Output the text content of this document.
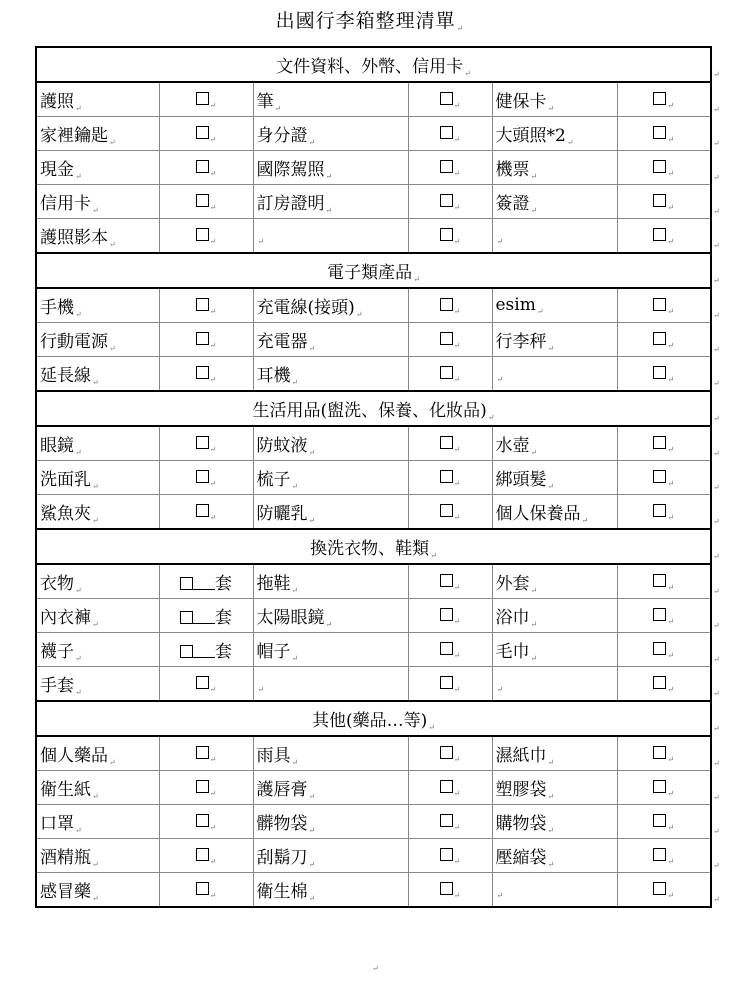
出國行李箱整理清單$_↵$
文件資料、外幣、信用卡$_↵$
護照$_↵$	$_↵$	筆$_↵$	$_↵$	健保卡$_↵$	$_↵$
家裡鑰匙$_↵$	$_↵$	身分證$_↵$	$_↵$	大頭照$*2_↵$	$_↵$
現金$_↵$	$_↵$	國際駕照$_↵$	$_↵$	機票$_↵$	$_↵$
信用卡$_↵$	$_↵$	訂房證明$_↵$	$_↵$	簽證$_↵$	$_↵$
護照影本$_↵$	$_↵$	$_↵$	$_↵$	$_↵$	$_↵$
電子類產品$_↵$
手機$_↵$	$_↵$	充電線(接頭)$_↵$	$_↵$	esim$_↵$	$_↵$
行動電源$_↵$	$_↵$	充電器$_↵$	$_↵$	行李秤$_↵$	$_↵$
延長線$_↵$	$_↵$	耳機$_↵$	$_↵$	$_↵$	$_↵$
生活用品(盥洗、保養、化妝品)$_↵$
眼鏡$_↵$	$_↵$	防蚊液$_↵$	$_↵$	水壺$_↵$	$_↵$
洗面乳$_↵$	$_↵$	梳子$_↵$	$_↵$	綁頭髮$_↵$	$_↵$
鯊魚夾$_↵$	$_↵$	防曬乳$_↵$	$_↵$	個人保養品$_↵$	$_↵$
換洗衣物、鞋類$_↵$
衣物$_↵$	套	拖鞋$_↵$	$_↵$	外套$_↵$	$_↵$
內衣褲$_↵$	套	太陽眼鏡$_↵$	$_↵$	浴巾$_↵$	$_↵$
襪子$_↵$	套	帽子$_↵$	$_↵$	毛巾$_↵$	$_↵$
手套$_↵$	$_↵$	$_↵$	$_↵$	$_↵$	$_↵$
其他(藥品…等)$_↵$
個人藥品$_↵$	$_↵$	雨具$_↵$	$_↵$	濕紙巾$_↵$	$_↵$
衛生紙$_↵$	$_↵$	護唇膏$_↵$	$_↵$	塑膠袋$_↵$	$_↵$
口罩$_↵$	$_↵$	髒物袋$_↵$	$_↵$	購物袋$_↵$	$_↵$
酒精瓶$_↵$	$_↵$	刮鬍刀$_↵$	$_↵$	壓縮袋$_↵$	$_↵$
感冒藥$_↵$	$_↵$	衛生棉$_↵$	$_↵$	$_↵$	$_↵$
↵
↵
↵
↵
↵
↵
↵
↵
↵
↵
↵
↵
↵
↵
↵
↵
↵
↵
↵
↵
↵
↵
↵
↵
↵
↵
